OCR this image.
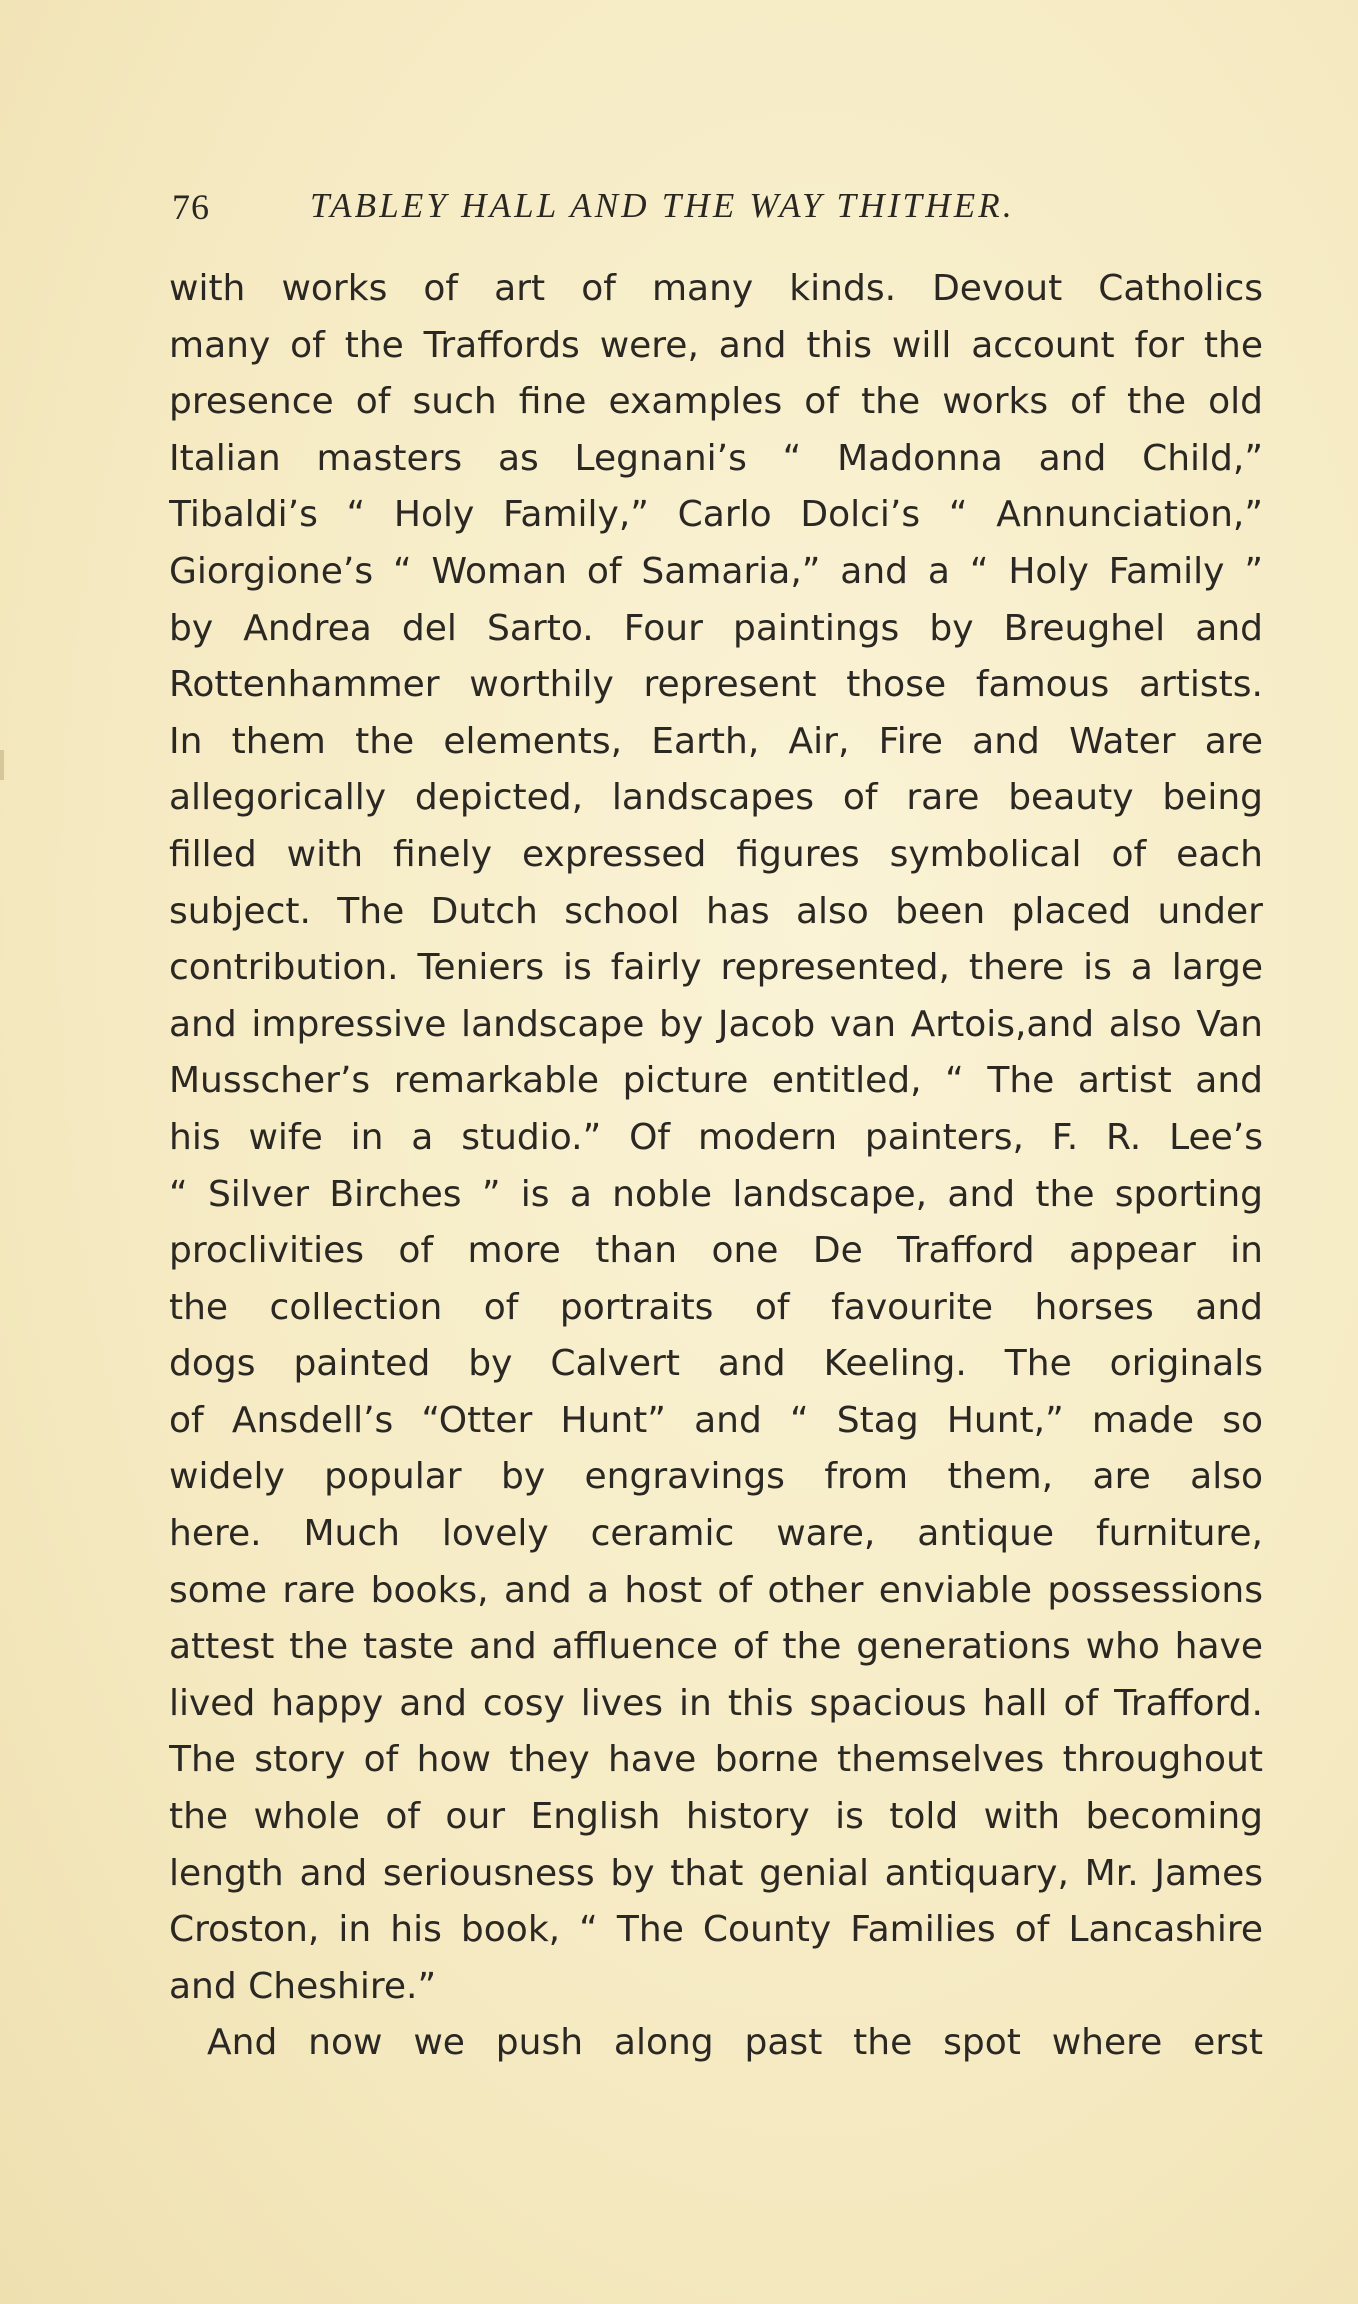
76	TABLEY HALL AND THE WAY THITHER.
with works of art of many kinds. Devout Catholics
many of the Traffords were, and this will account for the
presence of such fine examples of the works of the old
Italian masters as Legnani’s “ Madonna and Child,”
Tibaldi’s “ Holy Family,” Carlo Dolci’s “ Annunciation,”
Giorgione’s “ Woman of Samaria,” and a “ Holy Family ”
by Andrea del Sarto. Four paintings by Breughel and
Rottenhammer worthily represent those famous artists.
In them the elements, Earth, Air, Fire and Water are
allegorically depicted, landscapes of rare beauty being
filled with finely expressed figures symbolical of each
subject. The Dutch school has also been placed under
contribution. Teniers is fairly represented, there is a large
and impressive landscape by Jacob van Artois,and also Van
Musscher’s remarkable picture entitled, “ The artist and
his wife in a studio.” Of modern painters, F. R. Lee’s
“ Silver Birches ” is a noble landscape, and the sporting
proclivities of more than one De Trafford appear in
the collection of portraits of favourite horses and
dogs painted by Calvert and Keeling. The originals
of Ansdell’s “Otter Hunt” and “ Stag Hunt,” made so
widely popular by engravings from them, are also
here. Much lovely ceramic ware, antique furniture,
some rare books, and a host of other enviable possessions
attest the taste and affluence of the generations who have
lived happy and cosy lives in this spacious hall of Trafford.
The story of how they have borne themselves throughout
the whole of our English history is told with becoming
length and seriousness by that genial antiquary, Mr. James
Croston, in his book, “ The County Families of Lancashire
and Cheshire.”
And now we push along past the spot where erst
